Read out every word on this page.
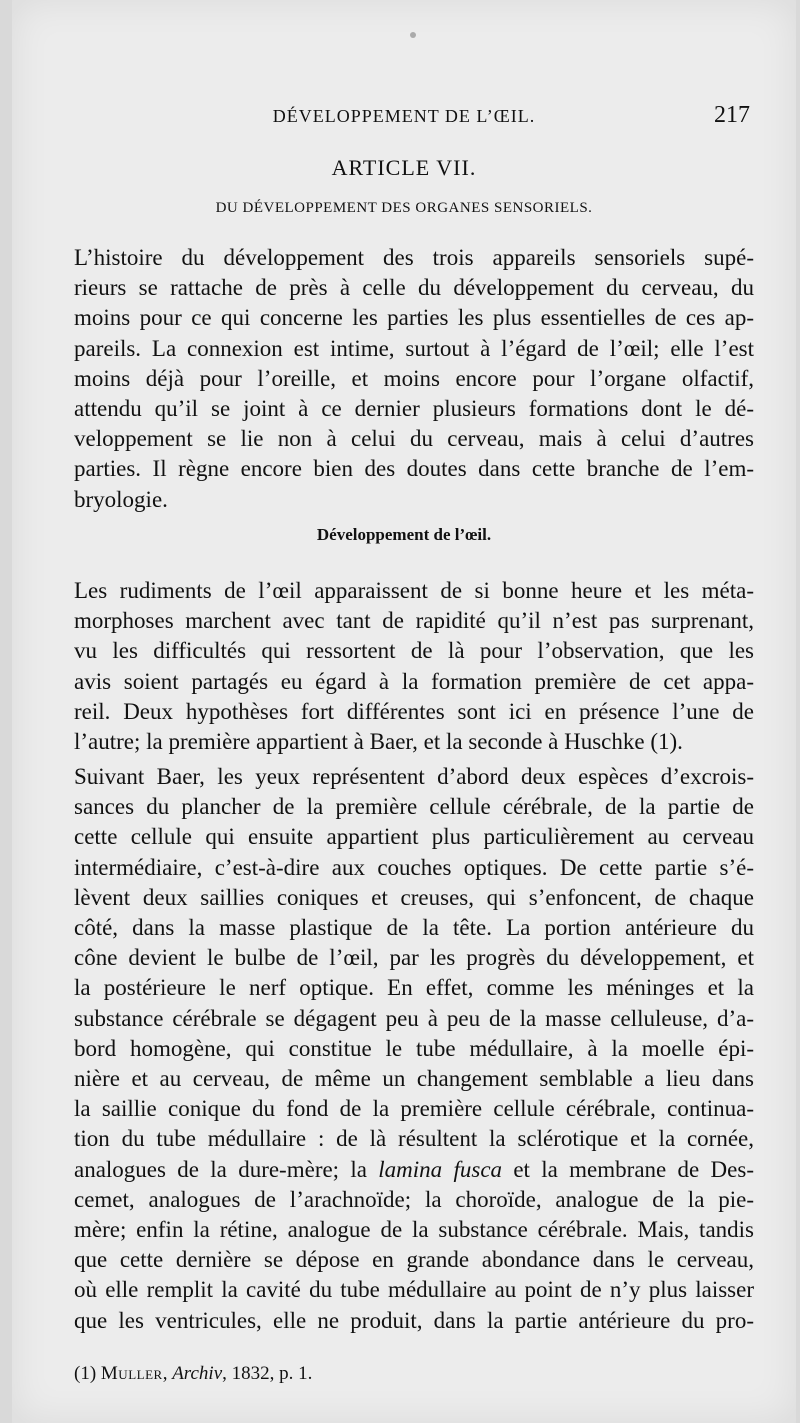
DÉVELOPPEMENT DE L’ŒIL.	217
ARTICLE VII.
DU DÉVELOPPEMENT DES ORGANES SENSORIELS.
L’histoire du développement des trois appareils sensoriels supé-
rieurs se rattache de près à celle du développement du cerveau, du
moins pour ce qui concerne les parties les plus essentielles de ces ap-
pareils. La connexion est intime, surtout à l’égard de l’œil; elle l’est
moins déjà pour l’oreille, et moins encore pour l’organe olfactif,
attendu qu’il se joint à ce dernier plusieurs formations dont le dé-
veloppement se lie non à celui du cerveau, mais à celui d’autres
parties. Il règne encore bien des doutes dans cette branche de l’em-
bryologie.
Développement de l’œil.
Les rudiments de l’œil apparaissent de si bonne heure et les méta-
morphoses marchent avec tant de rapidité qu’il n’est pas surprenant,
vu les difficultés qui ressortent de là pour l’observation, que les
avis soient partagés eu égard à la formation première de cet appa-
reil. Deux hypothèses fort différentes sont ici en présence l’une de
l’autre; la première appartient à Baer, et la seconde à Huschke (1).
Suivant Baer, les yeux représentent d’abord deux espèces d’excrois-
sances du plancher de la première cellule cérébrale, de la partie de
cette cellule qui ensuite appartient plus particulièrement au cerveau
intermédiaire, c’est-à-dire aux couches optiques. De cette partie s’é-
lèvent deux saillies coniques et creuses, qui s’enfoncent, de chaque
côté, dans la masse plastique de la tête. La portion antérieure du
cône devient le bulbe de l’œil, par les progrès du développement, et
la postérieure le nerf optique. En effet, comme les méninges et la
substance cérébrale se dégagent peu à peu de la masse celluleuse, d’a-
bord homogène, qui constitue le tube médullaire, à la moelle épi-
nière et au cerveau, de même un changement semblable a lieu dans
la saillie conique du fond de la première cellule cérébrale, continua-
tion du tube médullaire : de là résultent la sclérotique et la cornée,
analogues de la dure-mère; la lamina fusca et la membrane de Des-
cemet, analogues de l’arachnoïde; la choroïde, analogue de la pie-
mère; enfin la rétine, analogue de la substance cérébrale. Mais, tandis
que cette dernière se dépose en grande abondance dans le cerveau,
où elle remplit la cavité du tube médullaire au point de n’y plus laisser
que les ventricules, elle ne produit, dans la partie antérieure du pro-
(1) Muller, Archiv, 1832, p. 1.
